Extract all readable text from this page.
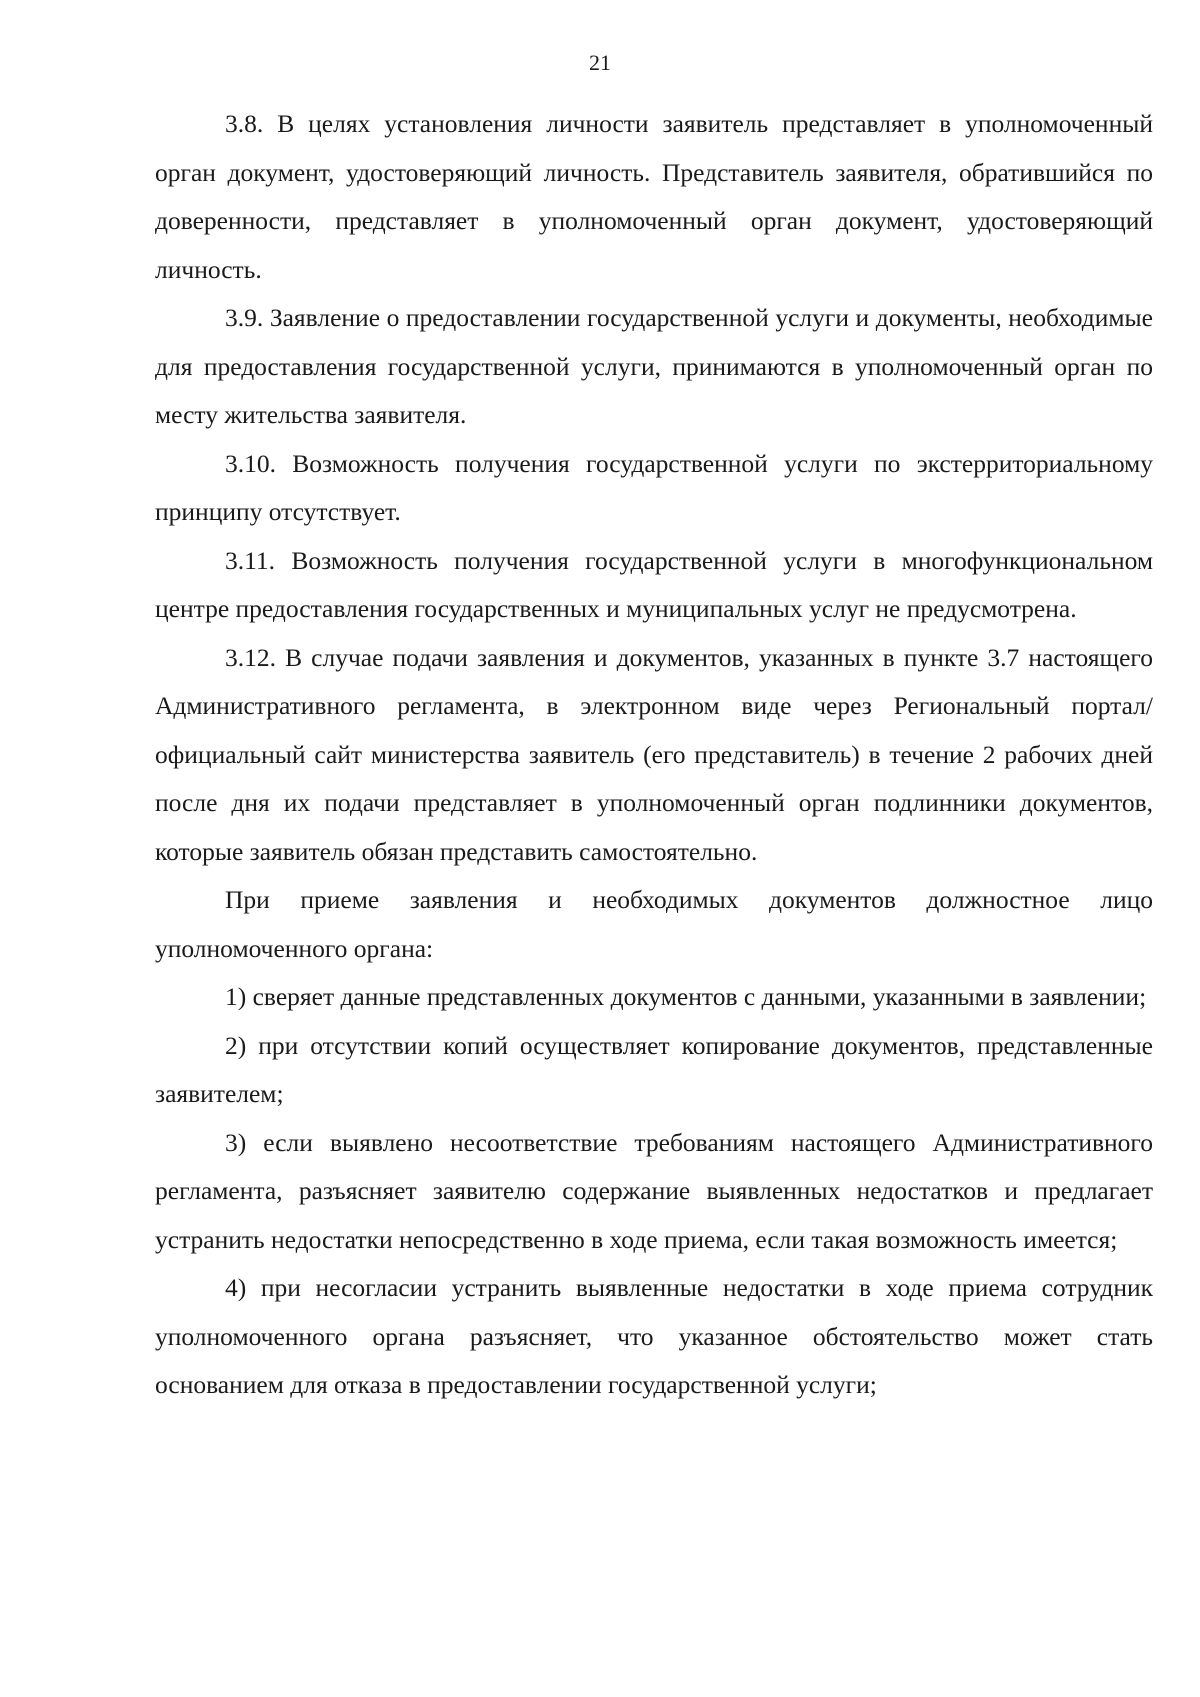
21

3.8. В целях установления личности заявитель представляет в уполномоченный орган документ, удостоверяющий личность. Представитель заявителя, обратившийся по доверенности, представляет в уполномоченный орган документ, удостоверяющий личность.

3.9. Заявление о предоставлении государственной услуги и документы, необходимые для предоставления государственной услуги, принимаются в уполномоченный орган по месту жительства заявителя.

3.10. Возможность получения государственной услуги по экстерриториальному принципу отсутствует.

3.11. Возможность получения государственной услуги в многофункциональном центре предоставления государственных и муниципальных услуг не предусмотрена.

3.12. В случае подачи заявления и документов, указанных в пункте 3.7 настоящего Административного регламента, в электронном виде через Региональный портал/официальный сайт министерства заявитель (его представитель) в течение 2 рабочих дней после дня их подачи представляет в уполномоченный орган подлинники документов, которые заявитель обязан представить самостоятельно.

При приеме заявления и необходимых документов должностное лицо уполномоченного органа:

1) сверяет данные представленных документов с данными, указанными в заявлении;

2) при отсутствии копий осуществляет копирование документов, представленные заявителем;

3) если выявлено несоответствие требованиям настоящего Административного регламента, разъясняет заявителю содержание выявленных недостатков и предлагает устранить недостатки непосредственно в ходе приема, если такая возможность имеется;

4) при несогласии устранить выявленные недостатки в ходе приема сотрудник уполномоченного органа разъясняет, что указанное обстоятельство может стать основанием для отказа в предоставлении государственной услуги;
